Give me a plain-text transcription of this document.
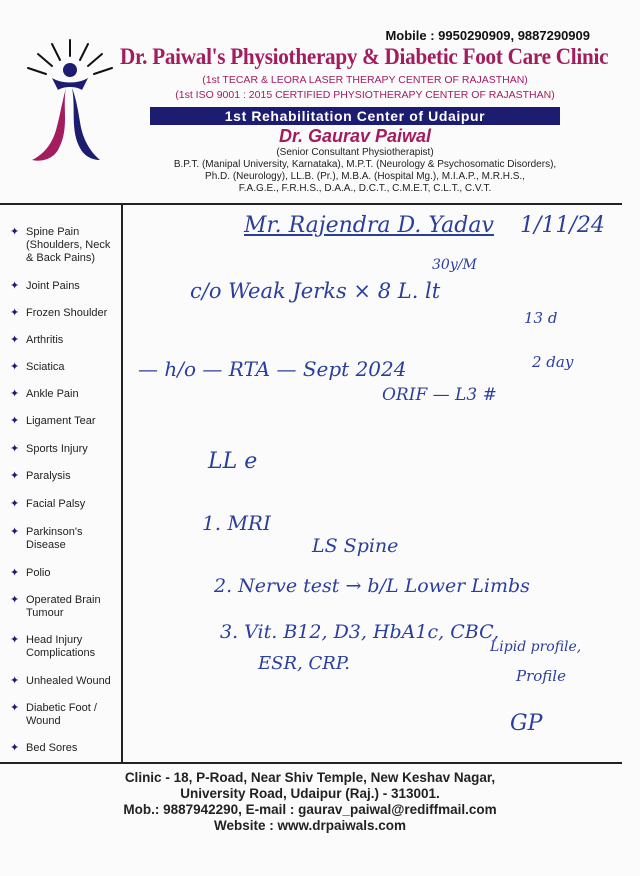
Mobile : 9950290909, 9887290909
Dr. Paiwal's Physiotherapy & Diabetic Foot Care Clinic
(1st TECAR & LEORA LASER THERAPY CENTER OF RAJASTHAN)
(1st ISO 9001 : 2015 CERTIFIED PHYSIOTHERAPY CENTER OF RAJASTHAN)
1st Rehabilitation Center of Udaipur
Dr. Gaurav Paiwal
(Senior Consultant Physiotherapist)
B.P.T. (Manipal University, Karnataka), M.P.T. (Neurology & Psychosomatic Disorders),
Ph.D. (Neurology), LL.B. (Pr.), M.B.A. (Hospital Mg.), M.I.A.P., M.R.H.S.,
F.A.G.E., F.R.H.S., D.A.A., D.C.T., C.M.E.T, C.L.T., C.V.T.
✦ Spine Pain (Shoulders, Neck & Back Pains)
✦ Joint Pains
✦ Frozen Shoulder
✦ Arthritis
✦ Sciatica
✦ Ankle Pain
✦ Ligament Tear
✦ Sports Injury
✦ Paralysis
✦ Facial Palsy
✦ Parkinson's Disease
✦ Polio
✦ Operated Brain Tumour
✦ Head Injury Complications
✦ Unhealed Wound
✦ Diabetic Foot / Wound
✦ Bed Sores
Mr. Rajendra D. Yadav 1/11/24
30y/M
c/o Weak Jerks × 8 L. lt
13 d
— h/o — RTA — Sept 2024	2 day
ORIF — L3 #
LL e
1. MRI
LS Spine
2. Nerve test → b/L Lower Limbs
3. Vit. B12, D3, HbA1c, CBC,
Lipid profile,
ESR, CRP.
Profile
GP
Clinic - 18, P-Road, Near Shiv Temple, New Keshav Nagar,
University Road, Udaipur (Raj.) - 313001.
Mob.: 9887942290, E-mail : gaurav_paiwal@rediffmail.com
Website : www.drpaiwals.com
